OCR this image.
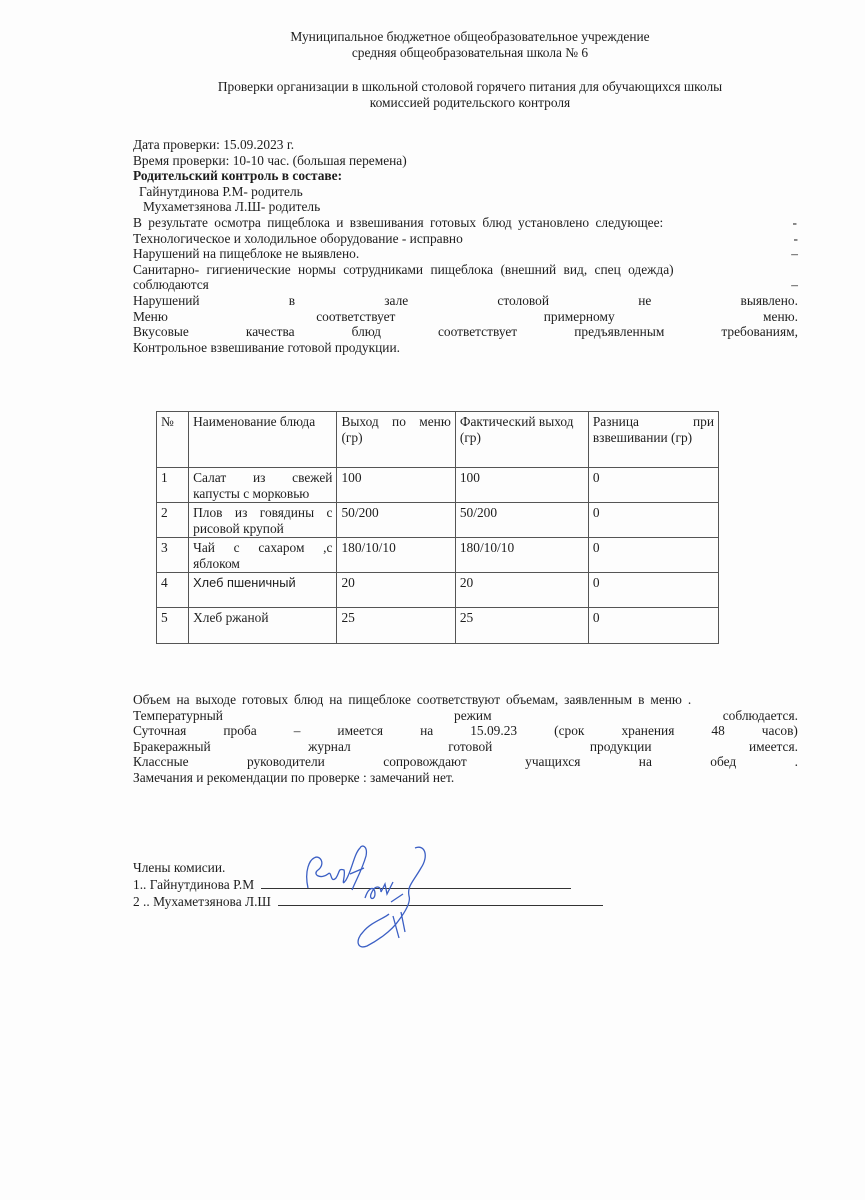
Муниципальное бюджетное общеобразовательное учреждение
средняя общеобразовательная школа № 6
Проверки организации в школьной столовой горячего питания для обучающихся школы
комиссией родительского контроля
Дата проверки: 15.09.2023 г.
Время проверки: 10-10 час. (большая перемена)
Родительский контроль в составе:
Гайнутдинова Р.М- родитель
Мухаметзянова Л.Ш- родитель
В результате осмотра пищеблока и взвешивания готовых блюд установлено следующее:	-
Технологическое и холодильное оборудование - исправно	-
Нарушений на пищеблоке не выявлено.	–
Санитарно- гигиенические нормы сотрудниками пищеблока (внешний вид, спец одежда)
соблюдаются	–
Нарушений	в	зале	столовой	не	выявлено.
Меню	соответствует	примерному	меню.
Вкусовые	качества	блюд	соответствует	предъявленным	требованиям,
Контрольное взвешивание готовой продукции.
№	Наименование блюда	Выход по меню (гр)	Фактический выход (гр)	Разница при взвешивании (гр)
1	Салат из свежей капусты с морковью	100	100	0
2	Плов из говядины с рисовой крупой	50/200	50/200	0
3	Чай с сахаром ,с яблоком	180/10/10	180/10/10	0
4	Хлеб пшеничный	20	20	0
5	Хлеб ржаной	25	25	0
Объем на выходе готовых блюд на пищеблоке соответствуют объемам, заявленным в меню .
Температурный	режим	соблюдается.
Суточная	проба	–	имеется	на	15.09.23	(срок	хранения	48	часов)
Бракеражный	журнал	готовой	продукции	имеется.
Классные	руководители	сопровождают	учащихся	на	обед	.
Замечания и рекомендации по проверке : замечаний нет.
Члены комисии.
1.. Гайнутдинова Р.М
2 .. Мухаметзянова Л.Ш
